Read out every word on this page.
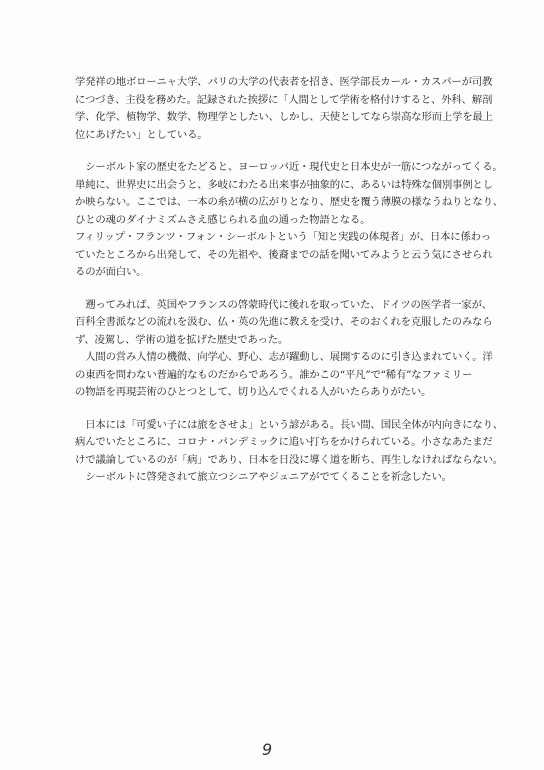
学発祥の地ボローニャ大学、パリの大学の代表者を招き、医学部長カール・カスパーが司教
につづき、主役を務めた。記録された挨拶に「人間として学術を格付けすると、外科、解剖
学、化学、植物学、数学、物理学としたい、しかし、天使としてなら崇高な形而上学を最上
位にあげたい」としている。
　シーボルト家の歴史をたどると、ヨーロッパ近・現代史と日本史が一筋につながってくる。
単純に、世界史に出会うと、多岐にわたる出来事が抽象的に、あるいは特殊な個別事例とし
か映らない。ここでは、一本の糸が横の広がりとなり、歴史を覆う薄膜の様なうねりとなり、
ひとの魂のダイナミズムさえ感じられる血の通った物語となる。
フィリップ・フランツ・フォン・シーボルトという「知と実践の体現者」が、日本に係わっ
ていたところから出発して、その先祖や、後裔までの話を聞いてみようと云う気にさせられ
るのが面白い。
　遡ってみれば、英国やフランスの啓蒙時代に後れを取っていた、ドイツの医学者一家が、
百科全書派などの流れを汲む、仏・英の先進に教えを受け、そのおくれを克服したのみなら
ず、凌駕し、学術の道を拡げた歴史であった。
　人間の営み人情の機微、向学心、野心、志が躍動し、展開するのに引き込まれていく。洋
の東西を問わない普遍的なものだからであろう。誰かこの“平凡”で“稀有”なファミリー
の物語を再現芸術のひとつとして、切り込んでくれる人がいたらありがたい。
　日本には「可愛い子には旅をさせよ」という諺がある。長い間、国民全体が内向きになり、
病んでいたところに、コロナ・パンデミックに追い打ちをかけられている。小さなあたまだ
けで議論しているのが「病」であり、日本を日没に導く道を断ち、再生しなければならない。
　シーボルトに啓発されて旅立つシニアやジュニアがでてくることを祈念したい。
9
